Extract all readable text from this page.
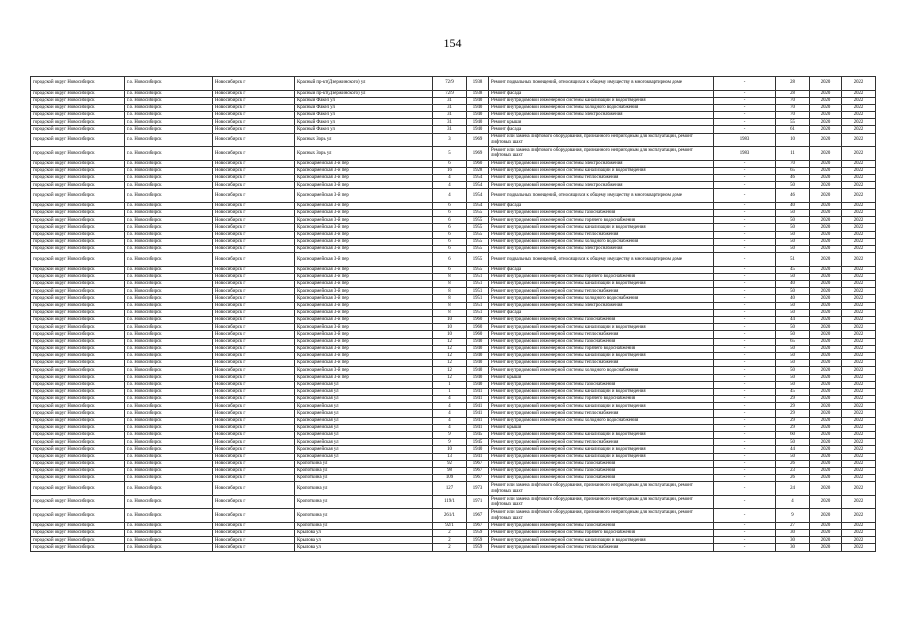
154
городской округ Новосибирск	г.о. Новосибирск	Новосибирск г	Красный пр-кт(Дзержинского) ул	72/9	1938	Ремонт подвальных помещений, относящихся к общему имуществу в многоквартирном доме	-	28	2020	2022
городской округ Новосибирск	г.о. Новосибирск	Новосибирск г	Красный пр-кт(Дзержинского) ул	72/9	1938	Ремонт фасада	-	28	2020	2022
городской округ Новосибирск	г.о. Новосибирск	Новосибирск г	Красный Факел ул	31	1940	Ремонт внутридомовой инженерной системы канализации и водоотведения	-	70	2020	2022
городской округ Новосибирск	г.о. Новосибирск	Новосибирск г	Красный Факел ул	31	1940	Ремонт внутридомовой инженерной системы холодного водоснабжения	-	70	2020	2022
городской округ Новосибирск	г.о. Новосибирск	Новосибирск г	Красный Факел ул	31	1940	Ремонт внутридомовой инженерной системы электроснабжения	-	70	2020	2022
городской округ Новосибирск	г.о. Новосибирск	Новосибирск г	Красный Факел ул	31	1940	Ремонт крыши	-	55	2020	2022
городской округ Новосибирск	г.о. Новосибирск	Новосибирск г	Красный Факел ул	31	1940	Ремонт фасада	-	61	2020	2022
городской округ Новосибирск	г.о. Новосибирск	Новосибирск г	Красных Зорь ул	3	1969	Ремонт или замена лифтового оборудования, признанного непригодным для эксплуатации, ремонт лифтовых шахт	1983	10	2020	2022
городской округ Новосибирск	г.о. Новосибирск	Новосибирск г	Красных Зорь ул	5	1969	Ремонт или замена лифтового оборудования, признанного непригодным для эксплуатации, ремонт лифтовых шахт	1983	11	2020	2022
городской округ Новосибирск	г.о. Новосибирск	Новосибирск г	Красноармейская 3-й пер	6	1960	Ремонт внутридомовой инженерной системы электроснабжения	-	70	2020	2022
городской округ Новосибирск	г.о. Новосибирск	Новосибирск г	Красноармейская 3-й пер	16	1928	Ремонт внутридомовой инженерной системы канализации и водоотведения	-	65	2020	2022
городской округ Новосибирск	г.о. Новосибирск	Новосибирск г	Красноармейская 3-й пер	4	1954	Ремонт внутридомовой инженерной системы теплоснабжения	-	46	2020	2022
городской округ Новосибирск	г.о. Новосибирск	Новосибирск г	Красноармейская 3-й пер	4	1954	Ремонт внутридомовой инженерной системы электроснабжения	-	50	2020	2022
городской округ Новосибирск	г.о. Новосибирск	Новосибирск г	Красноармейская 3-й пер	4	1954	Ремонт подвальных помещений, относящихся к общему имуществу в многоквартирном доме	-	46	2020	2022
городской округ Новосибирск	г.о. Новосибирск	Новосибирск г	Красноармейская 3-й пер	6	1954	Ремонт фасада	-	40	2020	2022
городской округ Новосибирск	г.о. Новосибирск	Новосибирск г	Красноармейская 3-й пер	6	1955	Ремонт внутридомовой инженерной системы газоснабжения	-	50	2020	2022
городской округ Новосибирск	г.о. Новосибирск	Новосибирск г	Красноармейская 3-й пер	6	1955	Ремонт внутридомовой инженерной системы горячего водоснабжения	-	50	2020	2022
городской округ Новосибирск	г.о. Новосибирск	Новосибирск г	Красноармейская 3-й пер	6	1955	Ремонт внутридомовой инженерной системы канализации и водоотведения	-	50	2020	2022
городской округ Новосибирск	г.о. Новосибирск	Новосибирск г	Красноармейская 3-й пер	6	1955	Ремонт внутридомовой инженерной системы теплоснабжения	-	50	2020	2022
городской округ Новосибирск	г.о. Новосибирск	Новосибирск г	Красноармейская 3-й пер	6	1955	Ремонт внутридомовой инженерной системы холодного водоснабжения	-	50	2020	2022
городской округ Новосибирск	г.о. Новосибирск	Новосибирск г	Красноармейская 3-й пер	6	1955	Ремонт внутридомовой инженерной системы электроснабжения	-	50	2020	2022
городской округ Новосибирск	г.о. Новосибирск	Новосибирск г	Красноармейская 3-й пер	6	1955	Ремонт подвальных помещений, относящихся к общему имуществу в многоквартирном доме	-	51	2020	2022
городской округ Новосибирск	г.о. Новосибирск	Новосибирск г	Красноармейская 3-й пер	6	1955	Ремонт фасада	-	45	2020	2022
городской округ Новосибирск	г.о. Новосибирск	Новосибирск г	Красноармейская 3-й пер	8	1951	Ремонт внутридомовой инженерной системы горячего водоснабжения	-	50	2020	2022
городской округ Новосибирск	г.о. Новосибирск	Новосибирск г	Красноармейская 3-й пер	8	1951	Ремонт внутридомовой инженерной системы канализации и водоотведения	-	40	2020	2022
городской округ Новосибирск	г.о. Новосибирск	Новосибирск г	Красноармейская 3-й пер	8	1951	Ремонт внутридомовой инженерной системы теплоснабжения	-	50	2020	2022
городской округ Новосибирск	г.о. Новосибирск	Новосибирск г	Красноармейская 3-й пер	8	1951	Ремонт внутридомовой инженерной системы холодного водоснабжения	-	40	2020	2022
городской округ Новосибирск	г.о. Новосибирск	Новосибирск г	Красноармейская 3-й пер	8	1951	Ремонт внутридомовой инженерной системы электроснабжения	-	50	2020	2022
городской округ Новосибирск	г.о. Новосибирск	Новосибирск г	Красноармейская 3-й пер	8	1951	Ремонт фасада	-	50	2020	2022
городской округ Новосибирск	г.о. Новосибирск	Новосибирск г	Красноармейская 3-й пер	10	1960	Ремонт внутридомовой инженерной системы газоснабжения	-	44	2020	2022
городской округ Новосибирск	г.о. Новосибирск	Новосибирск г	Красноармейская 3-й пер	10	1960	Ремонт внутридомовой инженерной системы канализации и водоотведения	-	50	2020	2022
городской округ Новосибирск	г.о. Новосибирск	Новосибирск г	Красноармейская 3-й пер	10	1960	Ремонт внутридомовой инженерной системы теплоснабжения	-	50	2020	2022
городской округ Новосибирск	г.о. Новосибирск	Новосибирск г	Красноармейская 3-й пер	12	1940	Ремонт внутридомовой инженерной системы газоснабжения	-	65	2020	2022
городской округ Новосибирск	г.о. Новосибирск	Новосибирск г	Красноармейская 3-й пер	12	1940	Ремонт внутридомовой инженерной системы горячего водоснабжения	-	50	2020	2022
городской округ Новосибирск	г.о. Новосибирск	Новосибирск г	Красноармейская 3-й пер	12	1940	Ремонт внутридомовой инженерной системы канализации и водоотведения	-	50	2020	2022
городской округ Новосибирск	г.о. Новосибирск	Новосибирск г	Красноармейская 3-й пер	12	1940	Ремонт внутридомовой инженерной системы теплоснабжения	-	50	2020	2022
городской округ Новосибирск	г.о. Новосибирск	Новосибирск г	Красноармейская 3-й пер	12	1940	Ремонт внутридомовой инженерной системы холодного водоснабжения	-	50	2020	2022
городской округ Новосибирск	г.о. Новосибирск	Новосибирск г	Красноармейская 3-й пер	12	1940	Ремонт крыши	-	50	2020	2022
городской округ Новосибирск	г.о. Новосибирск	Новосибирск г	Красноармейская ул	1	1940	Ремонт внутридомовой инженерной системы газоснабжения	-	50	2020	2022
городской округ Новосибирск	г.о. Новосибирск	Новосибирск г	Красноармейская ул	1	1941	Ремонт внутридомовой инженерной системы канализации и водоотведения	-	45	2020	2022
городской округ Новосибирск	г.о. Новосибирск	Новосибирск г	Красноармейская ул	4	1941	Ремонт внутридомовой инженерной системы горячего водоснабжения	-	29	2020	2022
городской округ Новосибирск	г.о. Новосибирск	Новосибирск г	Красноармейская ул	4	1941	Ремонт внутридомовой инженерной системы канализации и водоотведения	-	29	2020	2022
городской округ Новосибирск	г.о. Новосибирск	Новосибирск г	Красноармейская ул	4	1941	Ремонт внутридомовой инженерной системы теплоснабжения	-	29	2020	2022
городской округ Новосибирск	г.о. Новосибирск	Новосибирск г	Красноармейская ул	4	1941	Ремонт внутридомовой инженерной системы холодного водоснабжения	-	29	2020	2022
городской округ Новосибирск	г.о. Новосибирск	Новосибирск г	Красноармейская ул	4	1941	Ремонт крыши	-	29	2020	2022
городской округ Новосибирск	г.о. Новосибирск	Новосибирск г	Красноармейская ул	9	1945	Ремонт внутридомовой инженерной системы канализации и водоотведения	-	60	2020	2022
городской округ Новосибирск	г.о. Новосибирск	Новосибирск г	Красноармейская ул	9	1945	Ремонт внутридомовой инженерной системы теплоснабжения	-	50	2020	2022
городской округ Новосибирск	г.о. Новосибирск	Новосибирск г	Красноармейская ул	10	1940	Ремонт внутридомовой инженерной системы канализации и водоотведения	-	44	2020	2022
городской округ Новосибирск	г.о. Новосибирск	Новосибирск г	Красноармейская ул	13	1941	Ремонт внутридомовой инженерной системы канализации и водоотведения	-	50	2020	2022
городской округ Новосибирск	г.о. Новосибирск	Новосибирск г	Кропоткина ул	92	1967	Ремонт внутридомовой инженерной системы газоснабжения	-	26	2020	2022
городской округ Новосибирск	г.о. Новосибирск	Новосибирск г	Кропоткина ул	98	1967	Ремонт внутридомовой инженерной системы газоснабжения	-	23	2020	2022
городской округ Новосибирск	г.о. Новосибирск	Новосибирск г	Кропоткина ул	109	1967	Ремонт внутридомовой инженерной системы газоснабжения	-	26	2020	2022
городской округ Новосибирск	г.о. Новосибирск	Новосибирск г	Кропоткина ул	127	1973	Ремонт или замена лифтового оборудования, признанного непригодным для эксплуатации, ремонт лифтовых шахт	-	24	2020	2022
городской округ Новосибирск	г.о. Новосибирск	Новосибирск г	Кропоткина ул	119/1	1971	Ремонт или замена лифтового оборудования, признанного непригодным для эксплуатации, ремонт лифтовых шахт	-	4	2020	2022
городской округ Новосибирск	г.о. Новосибирск	Новосибирск г	Кропоткина ул	261/1	1967	Ремонт или замена лифтового оборудования, признанного непригодным для эксплуатации, ремонт лифтовых шахт	-	9	2020	2022
городской округ Новосибирск	г.о. Новосибирск	Новосибирск г	Кропоткина ул	92/1	1967	Ремонт внутридомовой инженерной системы газоснабжения	-	27	2020	2022
городской округ Новосибирск	г.о. Новосибирск	Новосибирск г	Крылова ул	2	1959	Ремонт внутридомовой инженерной системы горячего водоснабжения	-	30	2020	2022
городской округ Новосибирск	г.о. Новосибирск	Новосибирск г	Крылова ул	2	1959	Ремонт внутридомовой инженерной системы канализации и водоотведения	-	30	2020	2022
городской округ Новосибирск	г.о. Новосибирск	Новосибирск г	Крылова ул	2	1959	Ремонт внутридомовой инженерной системы теплоснабжения	-	30	2020	2022
